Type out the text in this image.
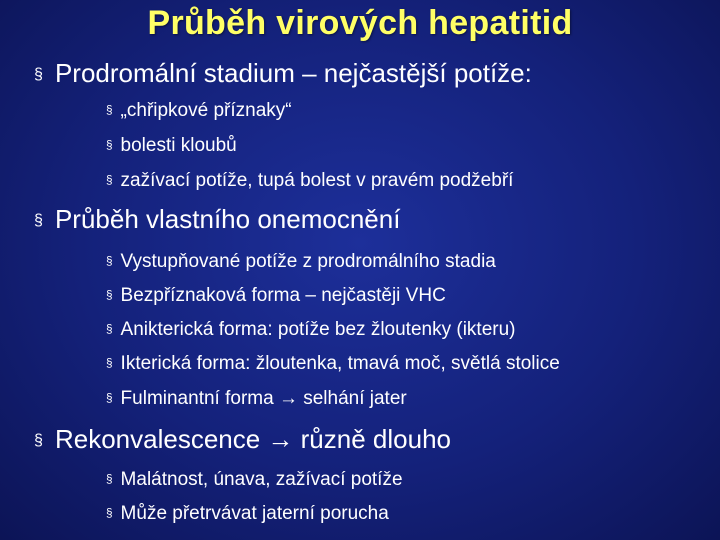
Průběh virových hepatitid
§ Prodromální stadium – nejčastější potíže:
§ „chřipkové příznaky“
§ bolesti kloubů
§ zažívací potíže, tupá bolest v pravém podžebří
§ Průběh vlastního onemocnění
§ Vystupňované potíže z prodromálního stadia
§ Bezpříznaková forma – nejčastěji VHC
§ Anikterická forma: potíže bez žloutenky (ikteru)
§ Ikterická forma: žloutenka, tmavá moč, světlá stolice
§ Fulminantní forma → selhání jater
§ Rekonvalescence → různě dlouho
§ Malátnost, únava, zažívací potíže
§ Může přetrvávat jaterní porucha
